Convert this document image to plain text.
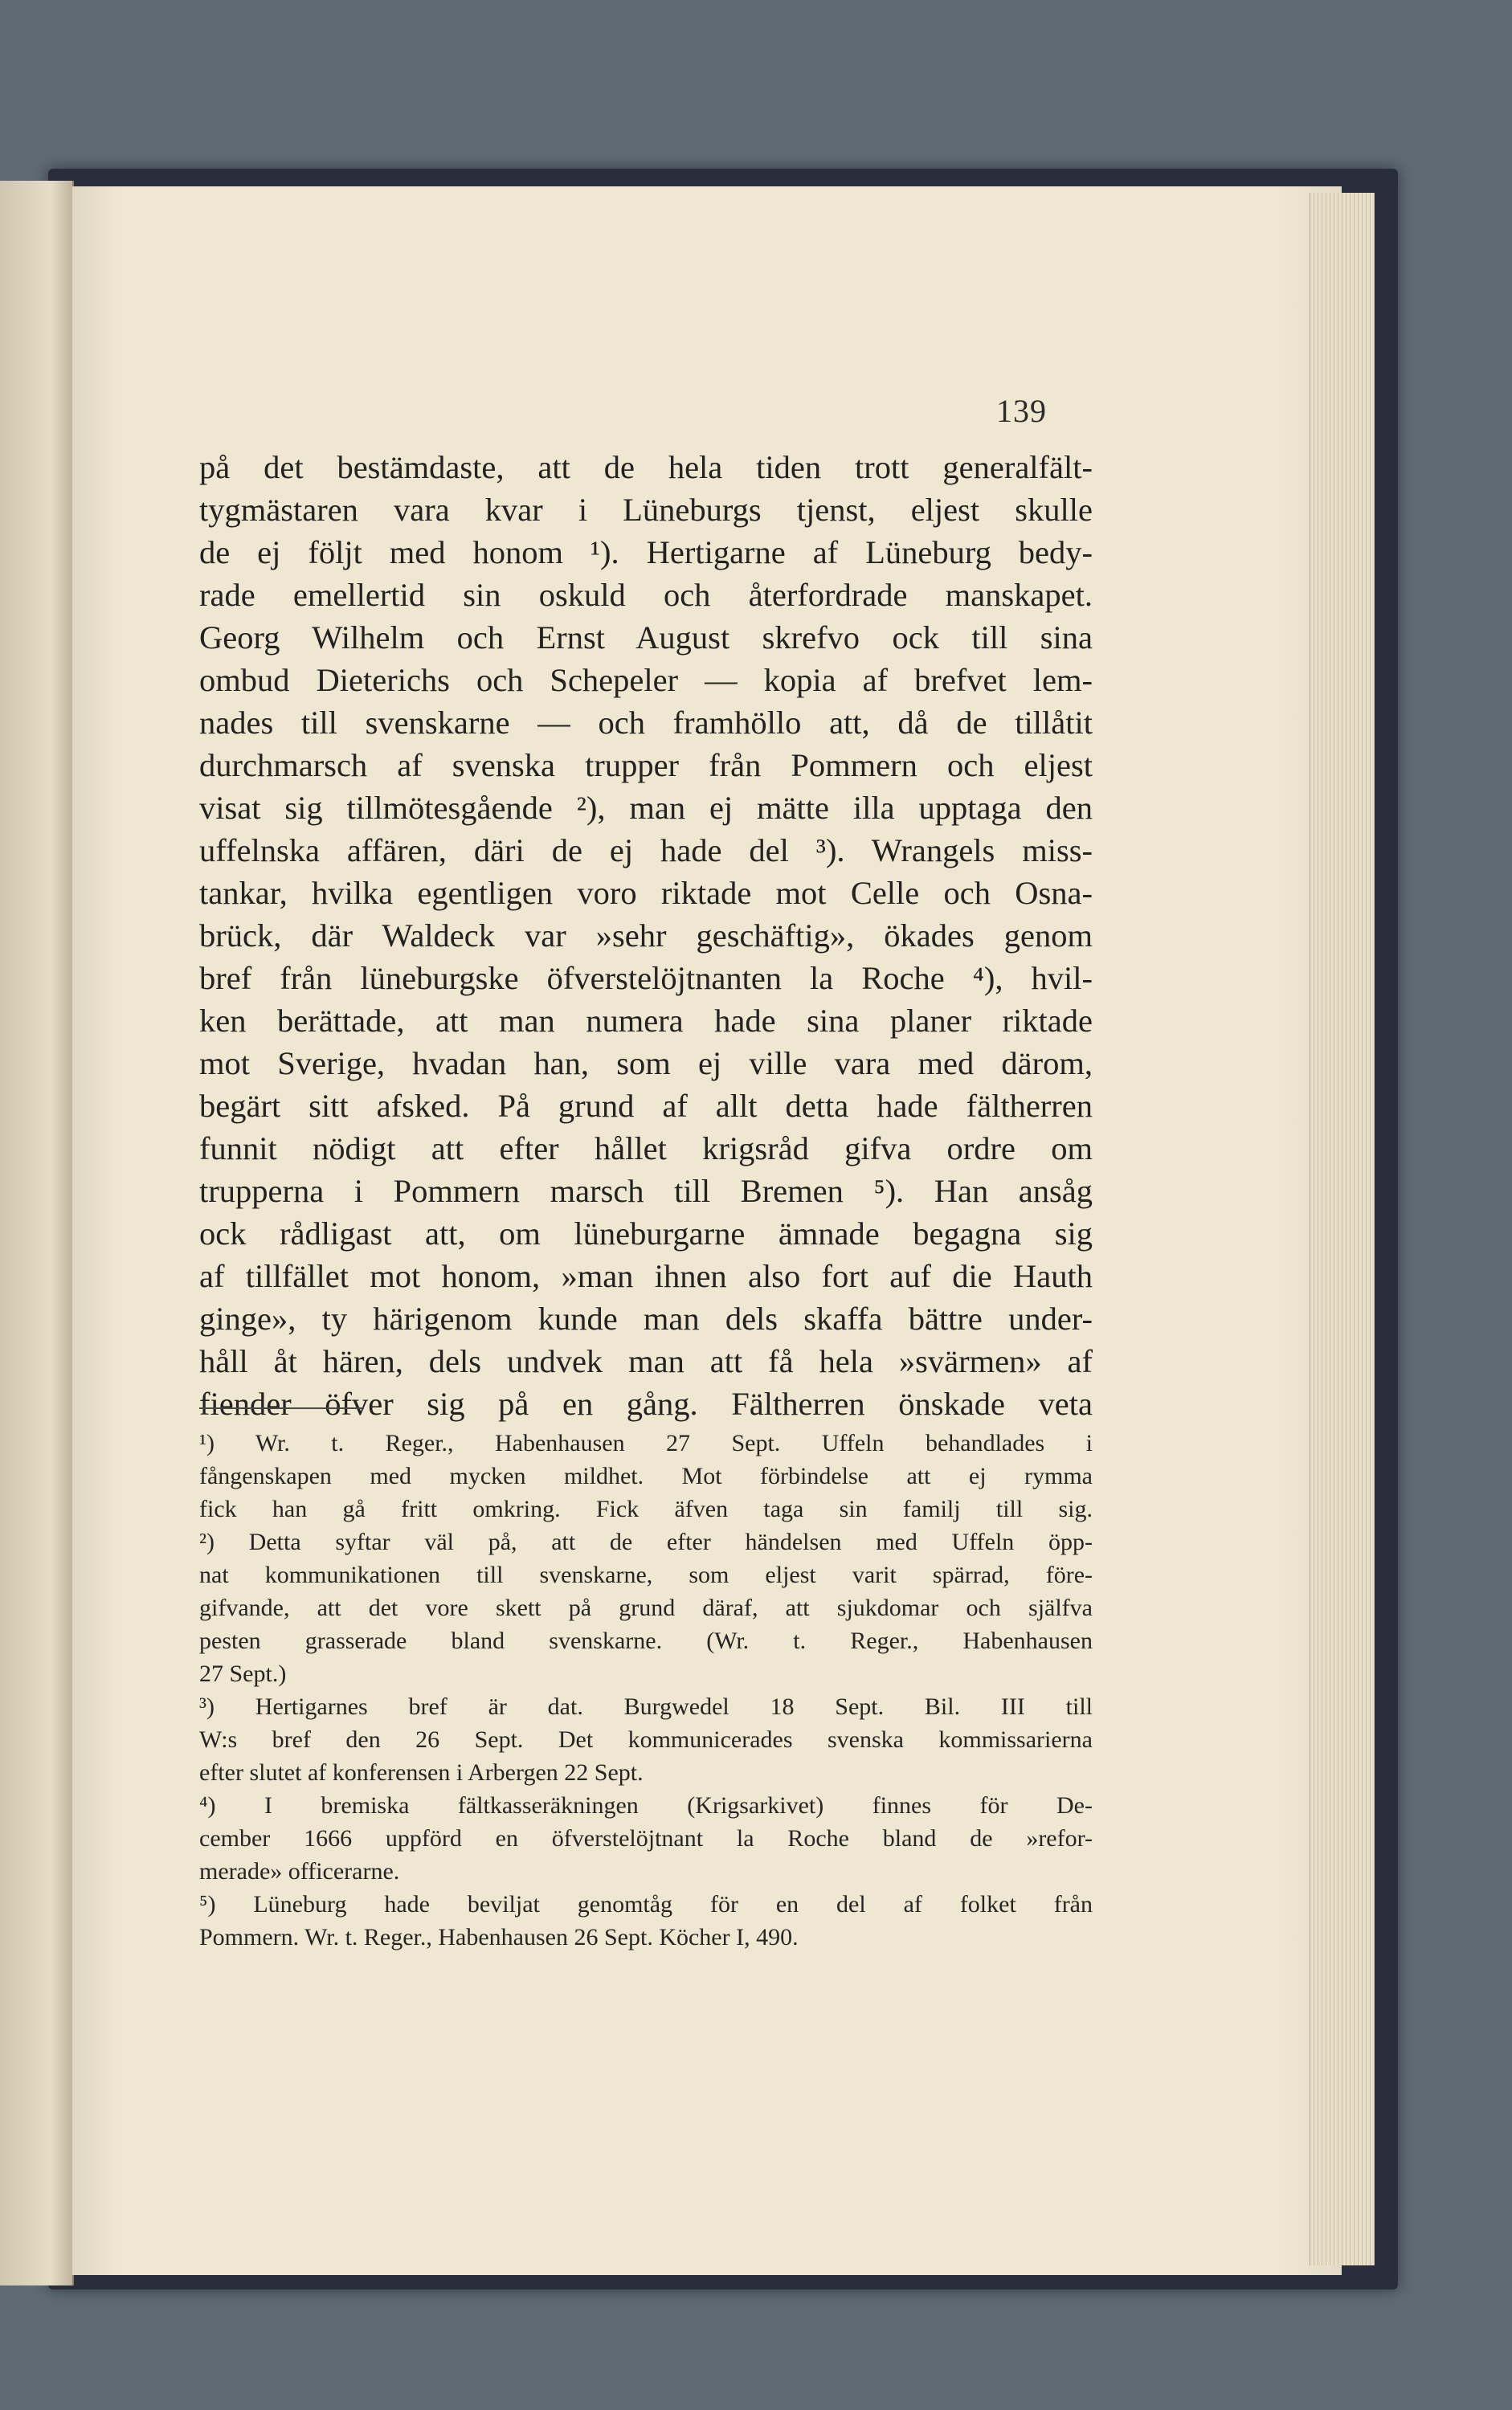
139
på det bestämdaste, att de hela tiden trott generalfält-
tygmästaren vara kvar i Lüneburgs tjenst, eljest skulle
de ej följt med honom ¹). Hertigarne af Lüneburg bedy-
rade emellertid sin oskuld och återfordrade manskapet.
Georg Wilhelm och Ernst August skrefvo ock till sina
ombud Dieterichs och Schepeler — kopia af brefvet lem-
nades till svenskarne — och framhöllo att, då de tillåtit
durchmarsch af svenska trupper från Pommern och eljest
visat sig tillmötesgående ²), man ej mätte illa upptaga den
uffelnska affären, däri de ej hade del ³). Wrangels miss-
tankar, hvilka egentligen voro riktade mot Celle och Osna-
brück, där Waldeck var »sehr geschäftig», ökades genom
bref från lüneburgske öfverstelöjtnanten la Roche ⁴), hvil-
ken berättade, att man numera hade sina planer riktade
mot Sverige, hvadan han, som ej ville vara med därom,
begärt sitt afsked. På grund af allt detta hade fältherren
funnit nödigt att efter hållet krigsråd gifva ordre om
trupperna i Pommern marsch till Bremen ⁵). Han ansåg
ock rådligast att, om lüneburgarne ämnade begagna sig
af tillfället mot honom, »man ihnen also fort auf die Hauth
ginge», ty härigenom kunde man dels skaffa bättre under-
håll åt hären, dels undvek man att få hela »svärmen» af
fiender öfver sig på en gång. Fältherren önskade veta
¹) Wr. t. Reger., Habenhausen 27 Sept. Uffeln behandlades i
fångenskapen med mycken mildhet. Mot förbindelse att ej rymma
fick han gå fritt omkring. Fick äfven taga sin familj till sig.
²) Detta syftar väl på, att de efter händelsen med Uffeln öpp-
nat kommunikationen till svenskarne, som eljest varit spärrad, före-
gifvande, att det vore skett på grund däraf, att sjukdomar och själfva
pesten grasserade bland svenskarne. (Wr. t. Reger., Habenhausen
27 Sept.)
³) Hertigarnes bref är dat. Burgwedel 18 Sept. Bil. III till
W:s bref den 26 Sept. Det kommunicerades svenska kommissarierna
efter slutet af konferensen i Arbergen 22 Sept.
⁴) I bremiska fältkasseräkningen (Krigsarkivet) finnes för De-
cember 1666 uppförd en öfverstelöjtnant la Roche bland de »refor-
merade» officerarne.
⁵) Lüneburg hade beviljat genomtåg för en del af folket från
Pommern. Wr. t. Reger., Habenhausen 26 Sept. Köcher I, 490.
